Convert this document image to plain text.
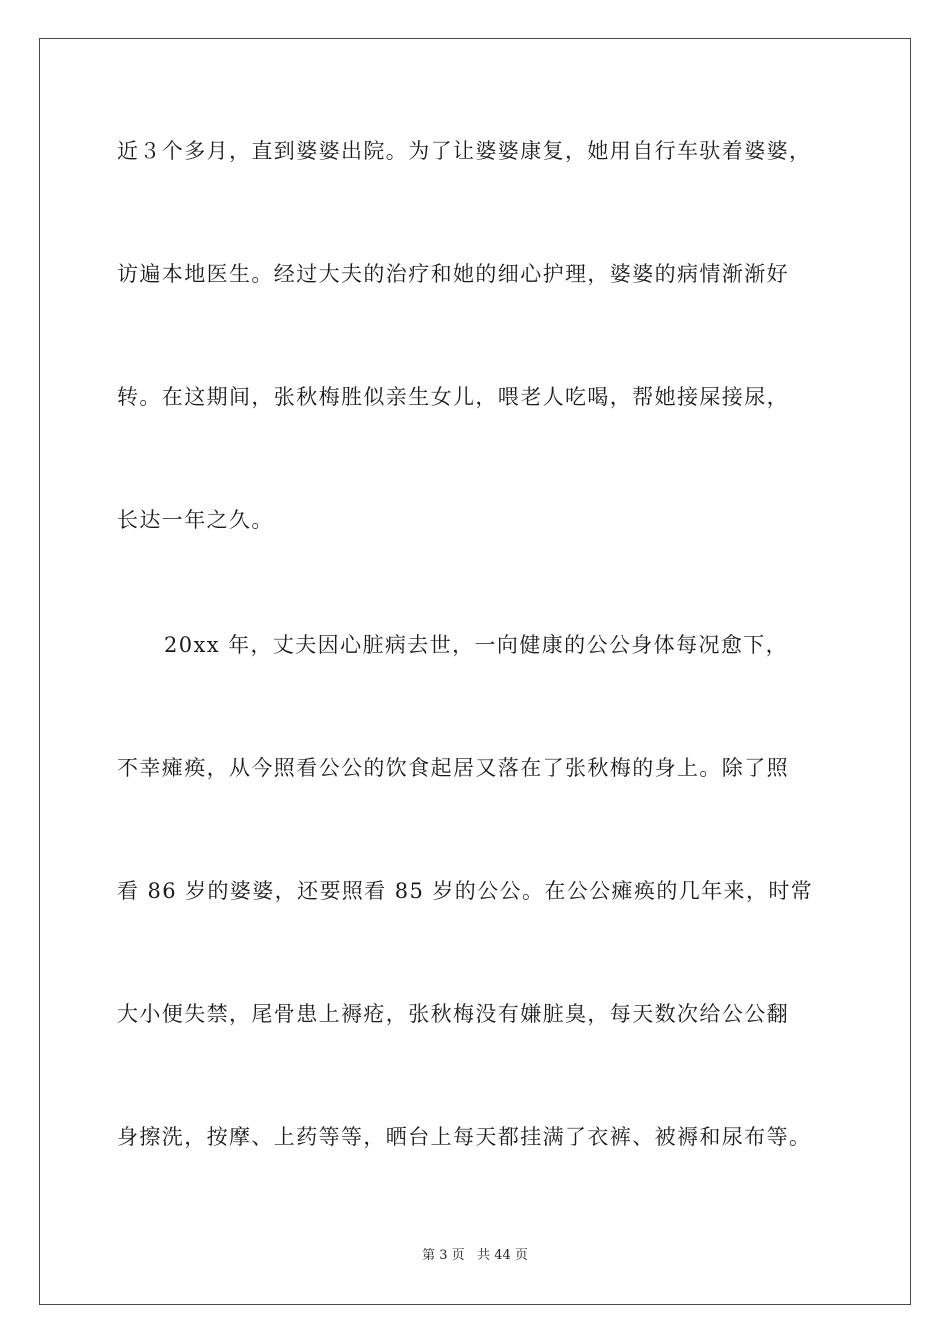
近３个多月，直到婆婆出院。为了让婆婆康复，她用自行车驮着婆婆，
访遍本地医生。经过大夫的治疗和她的细心护理，婆婆的病情渐渐好
转。在这期间，张秋梅胜似亲生女儿，喂老人吃喝，帮她接屎接尿，
长达一年之久。
20xx 年，丈夫因心脏病去世，一向健康的公公身体每况愈下，
不幸瘫痪，从今照看公公的饮食起居又落在了张秋梅的身上。除了照
看 86 岁的婆婆，还要照看 85 岁的公公。在公公瘫痪的几年来，时常
大小便失禁，尾骨患上褥疮，张秋梅没有嫌脏臭，每天数次给公公翻
身擦洗，按摩、上药等等，晒台上每天都挂满了衣裤、被褥和尿布等。
第 3 页   共 44 页
